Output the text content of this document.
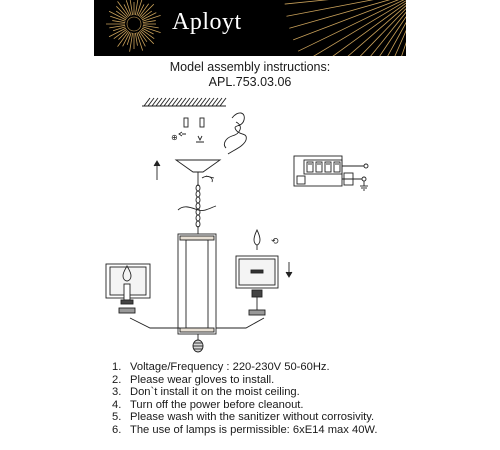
Aployt
Model assembly instructions:
APL.753.03.06
⊕
⟲
1. Voltage/Frequency : 220-230V 50-60Hz.
2. Please wear gloves to install.
3. Don`t install it on the moist ceiling.
4. Turn off the power before cleanout.
5. Please wash with the sanitizer without corrosivity.
6. The use of lamps is permissible: 6xE14 max 40W.
